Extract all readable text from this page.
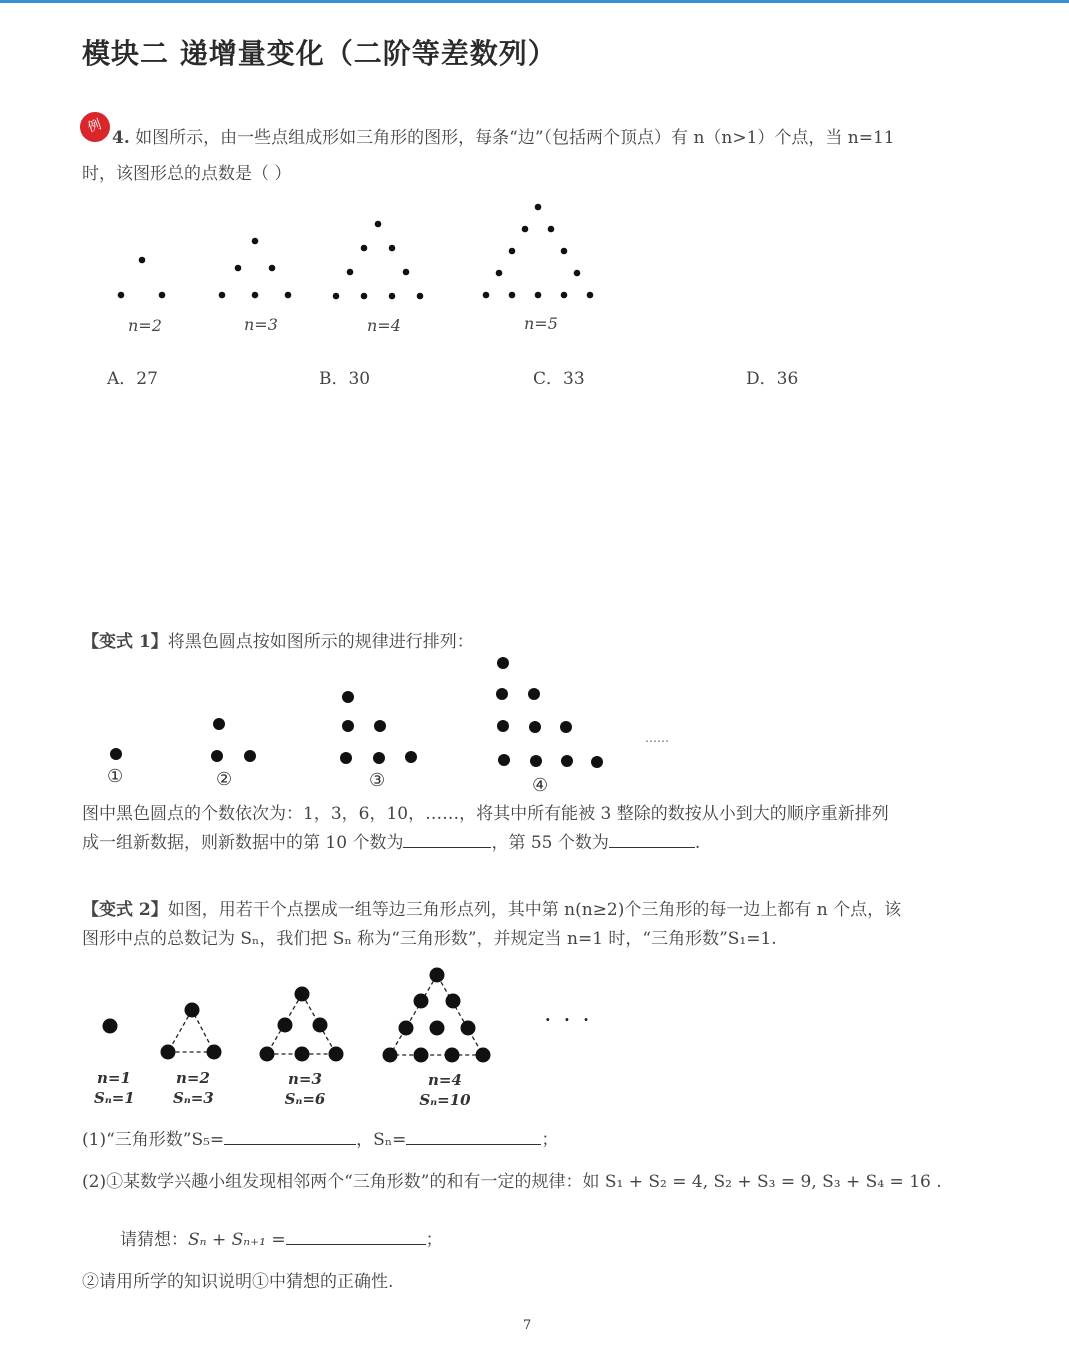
模块二 递增量变化（二阶等差数列）
例
4. 如图所示，由一些点组成形如三角形的图形，每条“边”（包括两个顶点）有 n（n>1）个点，当 n=11
时，该图形总的点数是（ ）
n=2	n=3	n=4	n=5
A．27	B．30	C．33	D．36
【变式 1】将黑色圆点按如图所示的规律进行排列：
①	②	③	④
……
图中黑色圆点的个数依次为：1，3，6，10，……，将其中所有能被 3 整除的数按从小到大的顺序重新排列
成一组新数据，则新数据中的第 10 个数为	，第 55 个数为	.
【变式 2】如图，用若干个点摆成一组等边三角形点列，其中第 n(n≥2)个三角形的每一边上都有 n 个点，该
图形中点的总数记为 Sₙ，我们把 Sₙ 称为“三角形数”，并规定当 n=1 时，“三角形数”S₁=1.
· · ·
n=1
Sₙ=1
n=2
Sₙ=3
n=3
Sₙ=6
n=4
Sₙ=10
(1)“三角形数”S₅=	，Sₙ=	；
(2)①某数学兴趣小组发现相邻两个“三角形数”的和有一定的规律：如 S₁ + S₂ = 4, S₂ + S₃ = 9, S₃ + S₄ = 16 .
请猜想：Sₙ + Sₙ₊₁ =	；
②请用所学的知识说明①中猜想的正确性.
7
